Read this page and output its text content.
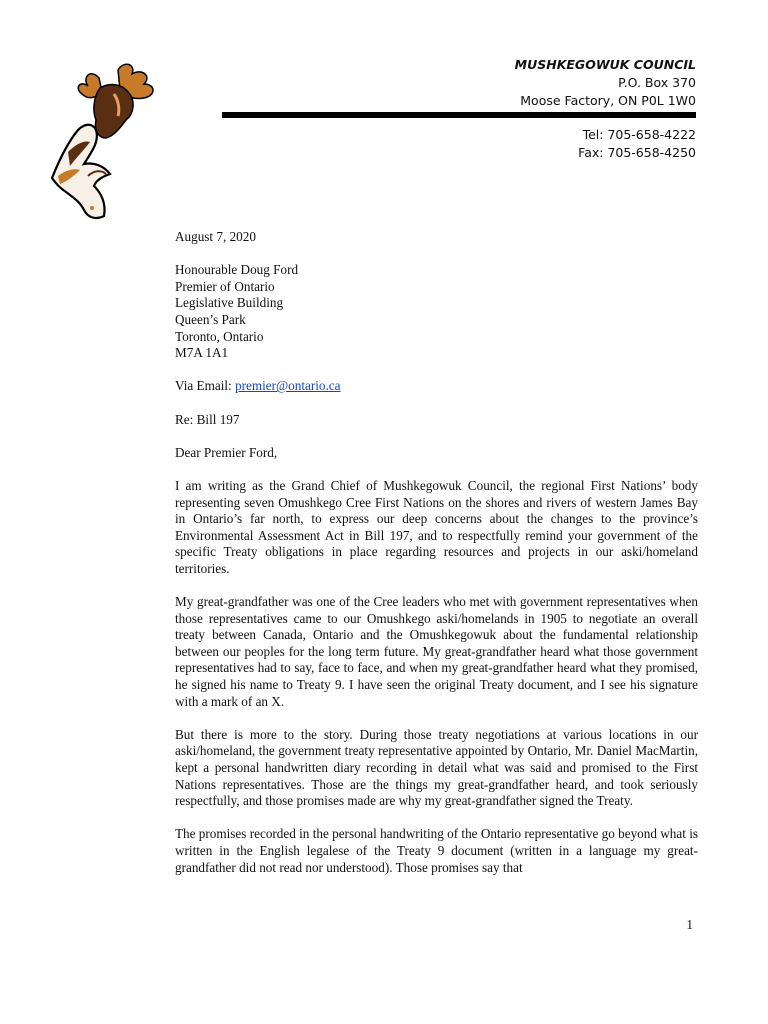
MUSHKEGOWUK COUNCIL
P.O. Box 370
Moose Factory, ON P0L 1W0
Tel: 705-658-4222
Fax: 705-658-4250

August 7, 2020

Honourable Doug Ford

Premier of Ontario

Legislative Building

Queen’s Park

Toronto, Ontario

M7A 1A1

Via Email: premier@ontario.ca

Re: Bill 197

Dear Premier Ford,

I am writing as the Grand Chief of Mushkegowuk Council, the regional First Nations’ body representing seven Omushkego Cree First Nations on the shores and rivers of western James Bay in Ontario’s far north, to express our deep concerns about the changes to the province’s Environmental Assessment Act in Bill 197, and to respectfully remind your government of the specific Treaty obligations in place regarding resources and projects in our aski/homeland territories.

My great-grandfather was one of the Cree leaders who met with government representatives when those representatives came to our Omushkego aski/homelands in 1905 to negotiate an overall treaty between Canada, Ontario and the Omushkegowuk about the fundamental relationship between our peoples for the long term future. My great-grandfather heard what those government representatives had to say, face to face, and when my great-grandfather heard what they promised, he signed his name to Treaty 9. I have seen the original Treaty document, and I see his signature with a mark of an X.

But there is more to the story. During those treaty negotiations at various locations in our aski/homeland, the government treaty representative appointed by Ontario, Mr. Daniel MacMartin, kept a personal handwritten diary recording in detail what was said and promised to the First Nations representatives. Those are the things my great-grandfather heard, and took seriously respectfully, and those promises made are why my great-grandfather signed the Treaty.

The promises recorded in the personal handwriting of the Ontario representative go beyond what is written in the English legalese of the Treaty 9 document (written in a language my great-grandfather did not read nor understood). Those promises say that

1
